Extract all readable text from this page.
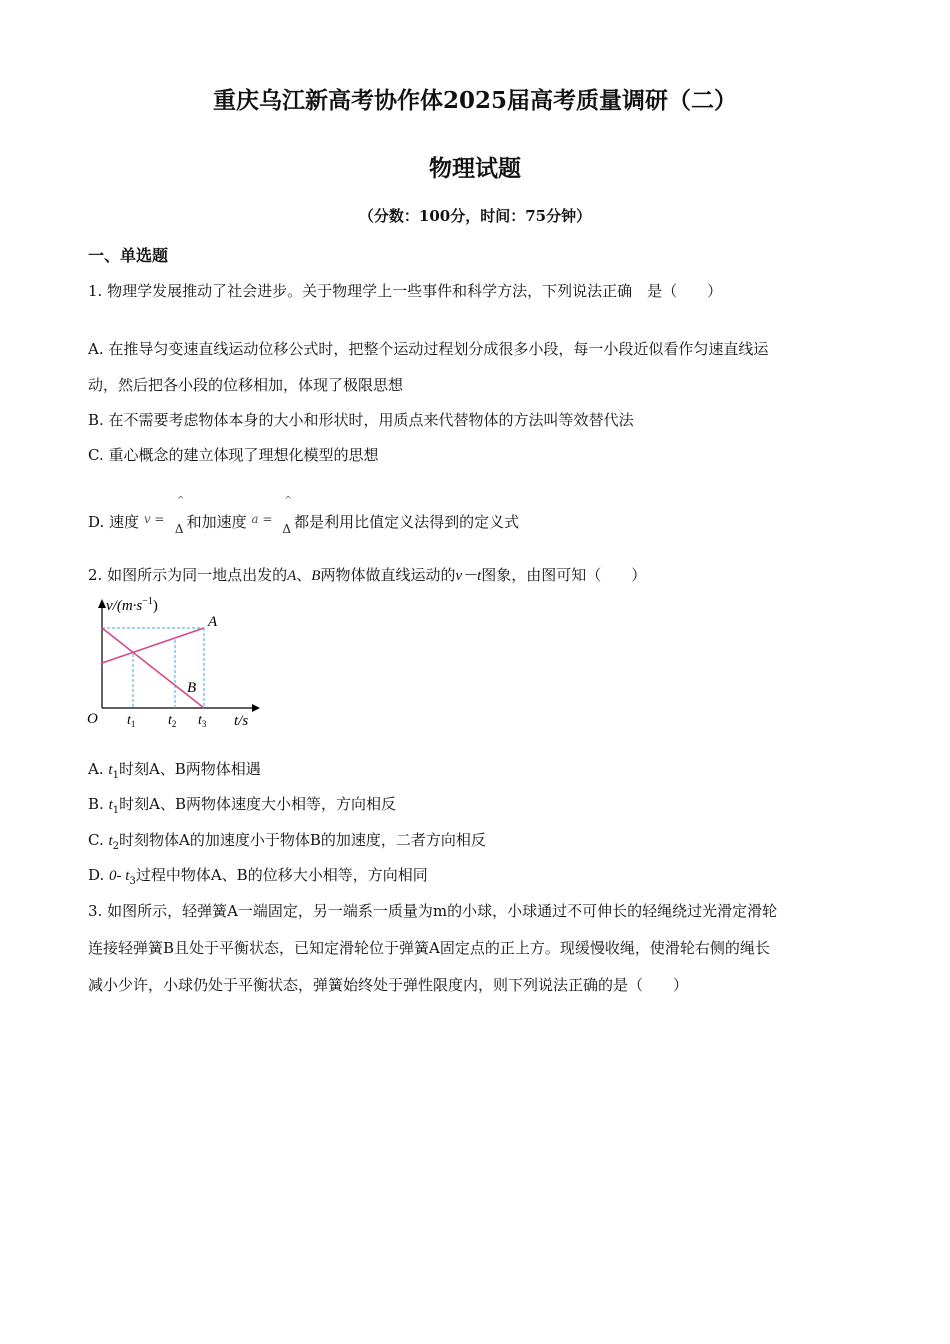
重庆乌江新高考协作体2025届高考质量调研（二）
物理试题
（分数：100分，时间：75分钟）
一、单选题
1. 物理学发展推动了社会进步。关于物理学上一些事件和科学方法，下列说法正确　是（　　）
A. 在推导匀变速直线运动位移公式时，把整个运动过程划分成很多小段，每一小段近似看作匀速直线运
动，然后把各小段的位移相加，体现了极限思想
B. 在不需要考虑物体本身的大小和形状时，用质点来代替物体的方法叫等效替代法
C. 重心概念的建立体现了理想化模型的思想
D. 速度 v =
^
Δ 和加速度 a =
^
Δ 都是利用比值定义法得到的定义式
2. 如图所示为同一地点出发的A、B两物体做直线运动的v－t图象，由图可知（　　）
$v/(m\cdot s^{-1})$
A
B
O $t_1$ $t_2$ $t_3$ t/s
A. $t_1$时刻A、B两物体相遇
B. $t_1$时刻A、B两物体速度大小相等，方向相反
C. $t_2$时刻物体A的加速度小于物体B的加速度，二者方向相反
D. 0- $t_3$过程中物体A、B的位移大小相等，方向相同
3. 如图所示，轻弹簧A一端固定，另一端系一质量为m的小球，小球通过不可伸长的轻绳绕过光滑定滑轮
连接轻弹簧B且处于平衡状态，已知定滑轮位于弹簧A固定点的正上方。现缓慢收绳，使滑轮右侧的绳长
减小少许，小球仍处于平衡状态，弹簧始终处于弹性限度内，则下列说法正确的是（　　）
